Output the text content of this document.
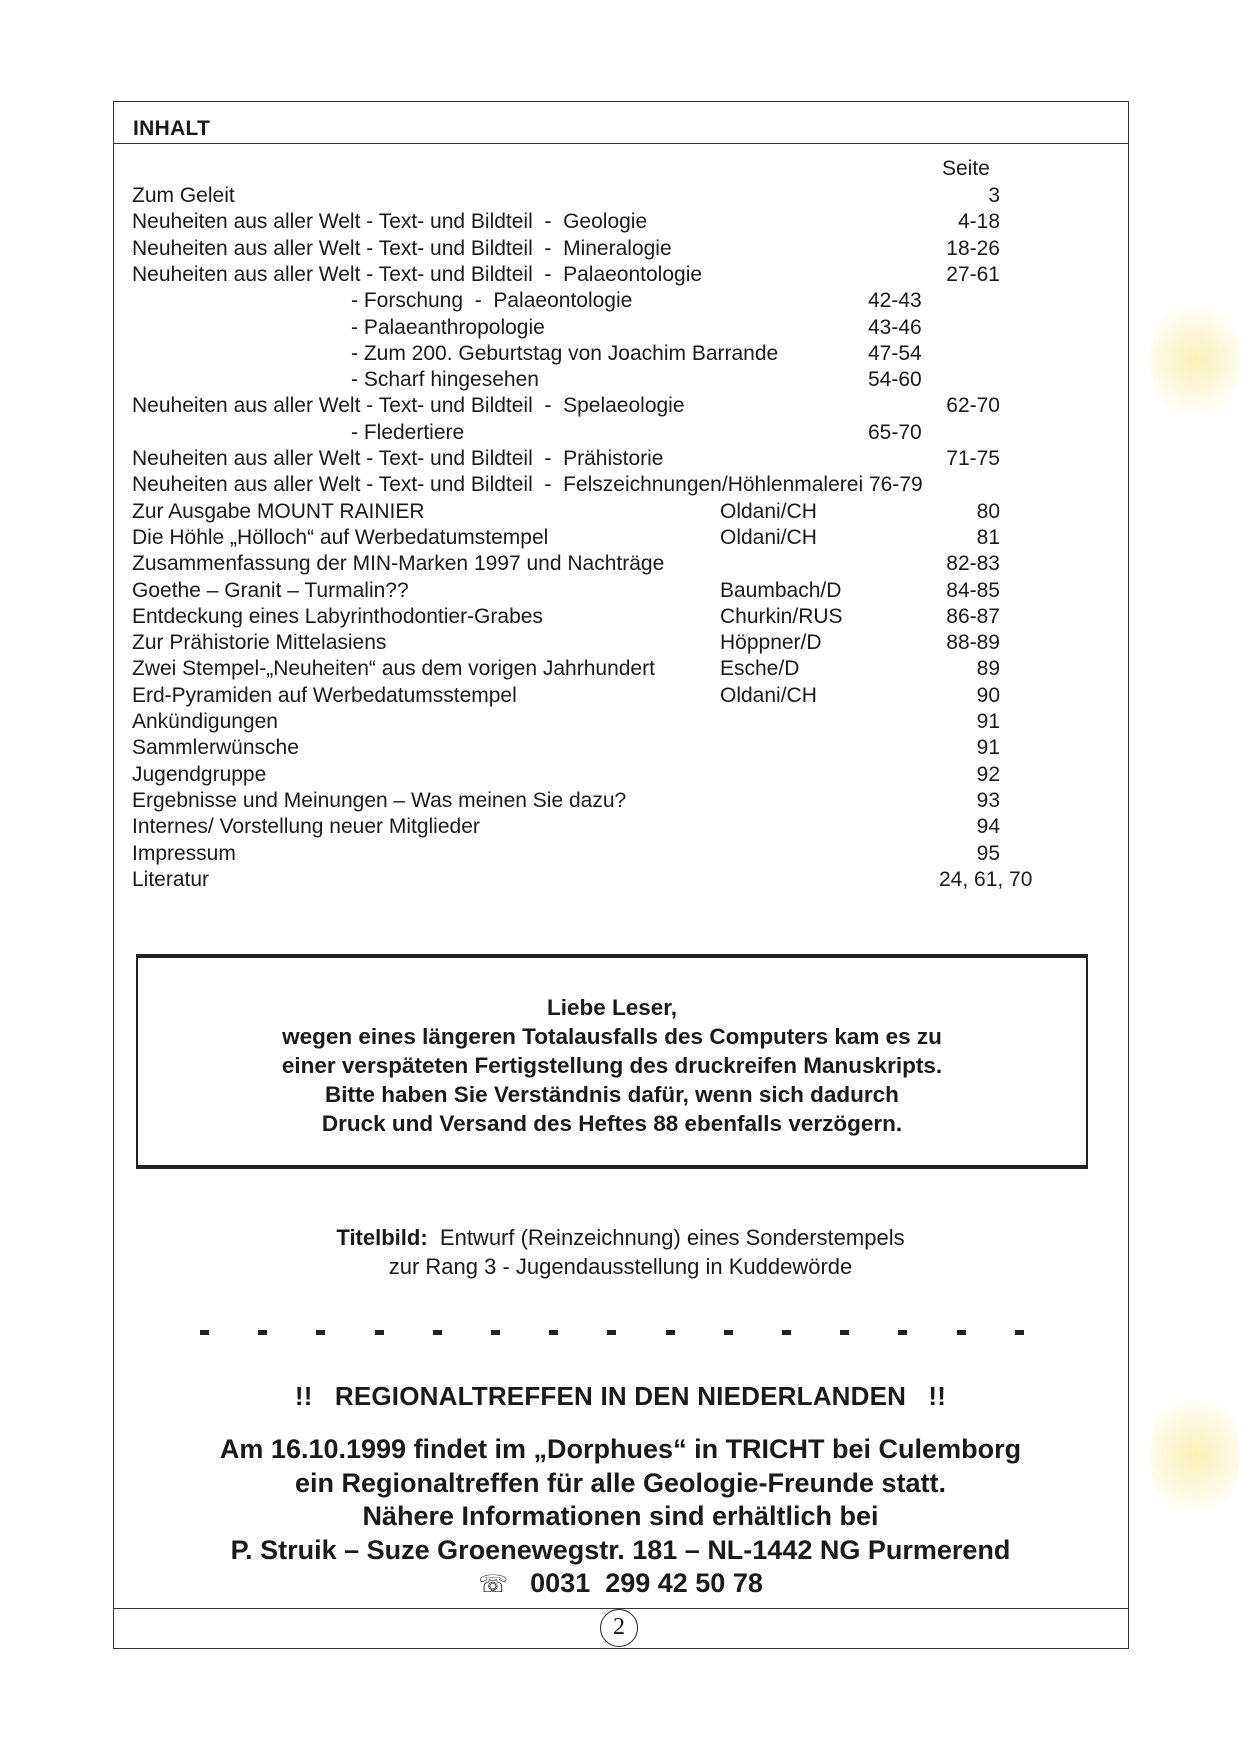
INHALT
Seite
Zum Geleit	3
Neuheiten aus aller Welt - Text- und Bildteil  -  Geologie	4-18
Neuheiten aus aller Welt - Text- und Bildteil  -  Mineralogie	18-26
Neuheiten aus aller Welt - Text- und Bildteil  -  Palaeontologie	27-61
- Forschung  -  Palaeontologie	42-43
- Palaeanthropologie	43-46
- Zum 200. Geburtstag von Joachim Barrande	47-54
- Scharf hingesehen	54-60
Neuheiten aus aller Welt - Text- und Bildteil  -  Spelaeologie	62-70
- Fledertiere	65-70
Neuheiten aus aller Welt - Text- und Bildteil  -  Prähistorie	71-75
Neuheiten aus aller Welt - Text- und Bildteil  -  Felszeichnungen/Höhlenmalerei 76-79
Zur Ausgabe MOUNT RAINIER	Oldani/CH	80
Die Höhle „Hölloch“ auf Werbedatumstempel	Oldani/CH	81
Zusammenfassung der MIN-Marken 1997 und Nachträge	82-83
Goethe – Granit – Turmalin??	Baumbach/D	84-85
Entdeckung eines Labyrinthodontier-Grabes	Churkin/RUS	86-87
Zur Prähistorie Mittelasiens	Höppner/D	88-89
Zwei Stempel-„Neuheiten“ aus dem vorigen Jahrhundert	Esche/D	89
Erd-Pyramiden auf Werbedatumsstempel	Oldani/CH	90
Ankündigungen	91
Sammlerwünsche	91
Jugendgruppe	92
Ergebnisse und Meinungen – Was meinen Sie dazu?	93
Internes/ Vorstellung neuer Mitglieder	94
Impressum	95
Literatur	24, 61, 70
Liebe Leser,
wegen eines längeren Totalausfalls des Computers kam es zu
einer verspäteten Fertigstellung des druckreifen Manuskripts.
Bitte haben Sie Verständnis dafür, wenn sich dadurch
Druck und Versand des Heftes 88 ebenfalls verzögern.
Titelbild: Entwurf (Reinzeichnung) eines Sonderstempels
zur Rang 3 - Jugendausstellung in Kuddewörde
!!   REGIONALTREFFEN IN DEN NIEDERLANDEN   !!
Am 16.10.1999 findet im „Dorphues“ in TRICHT bei Culemborg
ein Regionaltreffen für alle Geologie-Freunde statt.
Nähere Informationen sind erhältlich bei
P. Struik – Suze Groenewegstr. 181 – NL-1442 NG Purmerend
☏ 0031  299 42 50 78
2
